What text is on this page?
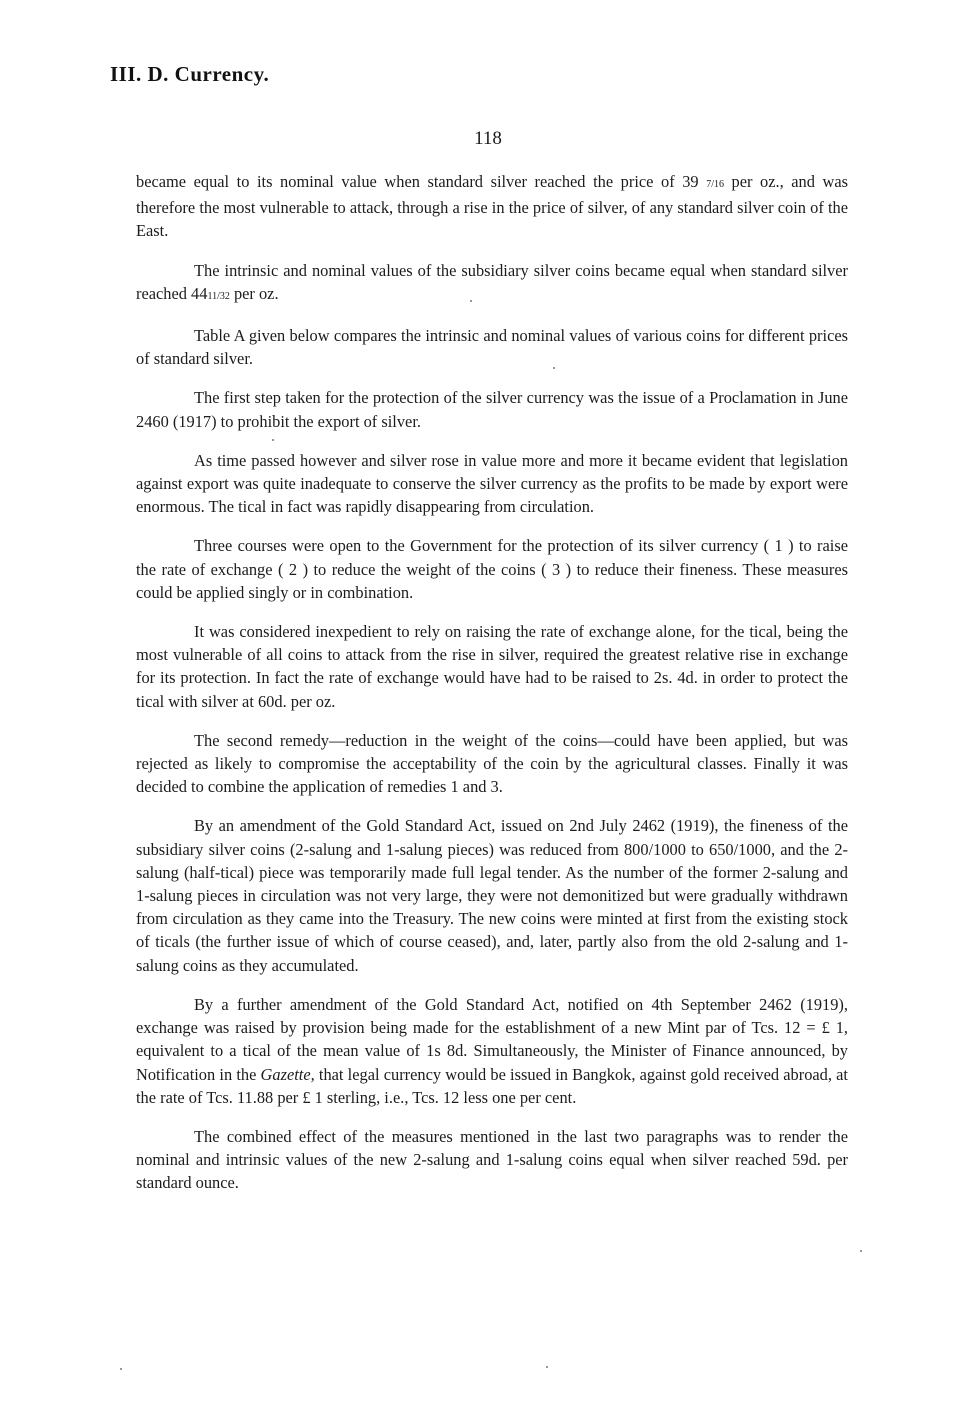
III. D. Currency.
118

became equal to its nominal value when standard silver reached the price of 39 7/16 per oz., and was therefore the most vulnerable to attack, through a rise in the price of silver, of any standard silver coin of the East.

The intrinsic and nominal values of the subsidiary silver coins became equal when standard silver reached 4411/32 per oz.

Table A given below compares the intrinsic and nominal values of various coins for different prices of standard silver.

The first step taken for the protection of the silver currency was the issue of a Proclamation in June 2460 (1917) to prohibit the export of silver.

As time passed however and silver rose in value more and more it became evident that legislation against export was quite inadequate to conserve the silver currency as the profits to be made by export were enormous. The tical in fact was rapidly disappearing from circulation.

Three courses were open to the Government for the protection of its silver currency ( 1 ) to raise the rate of exchange ( 2 ) to reduce the weight of the coins ( 3 ) to reduce their fineness. These measures could be applied singly or in combination.

It was considered inexpedient to rely on raising the rate of exchange alone, for the tical, being the most vulnerable of all coins to attack from the rise in silver, required the greatest relative rise in exchange for its protection. In fact the rate of exchange would have had to be raised to 2s. 4d. in order to protect the tical with silver at 60d. per oz.

The second remedy—reduction in the weight of the coins—could have been applied, but was rejected as likely to compromise the acceptability of the coin by the agricultural classes. Finally it was decided to combine the application of remedies 1 and 3.

By an amendment of the Gold Standard Act, issued on 2nd July 2462 (1919), the fineness of the subsidiary silver coins (2-salung and 1-salung pieces) was reduced from 800/1000 to 650/1000, and the 2-salung (half-tical) piece was temporarily made full legal tender. As the number of the former 2-salung and 1-salung pieces in circulation was not very large, they were not demonitized but were gradually withdrawn from circulation as they came into the Treasury. The new coins were minted at first from the existing stock of ticals (the further issue of which of course ceased), and, later, partly also from the old 2-salung and 1-salung coins as they accumulated.

By a further amendment of the Gold Standard Act, notified on 4th September 2462 (1919), exchange was raised by provision being made for the establishment of a new Mint par of Tcs. 12 = £ 1, equivalent to a tical of the mean value of 1s 8d. Simultaneously, the Minister of Finance announced, by Notification in the Gazette, that legal currency would be issued in Bangkok, against gold received abroad, at the rate of Tcs. 11.88 per £ 1 sterling, i.e., Tcs. 12 less one per cent.

The combined effect of the measures mentioned in the last two paragraphs was to render the nominal and intrinsic values of the new 2-salung and 1-salung coins equal when silver reached 59d. per standard ounce.
